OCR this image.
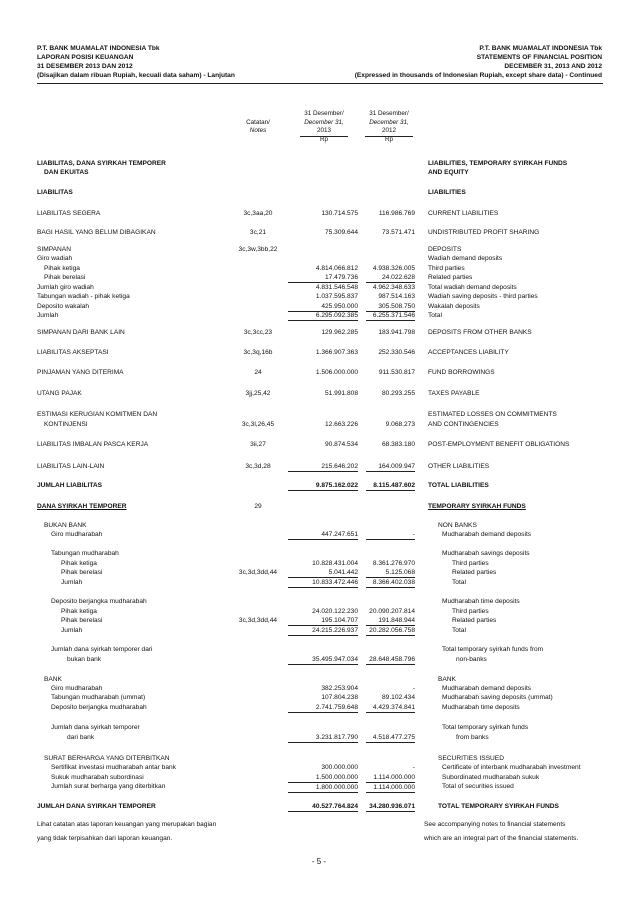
P.T. BANK MUAMALAT INDONESIA Tbk
LAPORAN POSISI KEUANGAN
31 DESEMBER 2013 DAN 2012
(Disajikan dalam ribuan Rupiah, kecuali data saham) - Lanjutan
P.T. BANK MUAMALAT INDONESIA Tbk
STATEMENTS OF FINANCIAL POSITION
DECEMBER 31, 2013 AND 2012
(Expressed in thousands of Indonesian Rupiah, except share data) - Continued
Catatan/
Notes
31 Desember/
December 31,
2013
Rp
31 Desember/
December 31,
2012
Rp
LIABILITAS, DANA SYIRKAH TEMPORER	LIABILITIES, TEMPORARY SYIRKAH FUNDS
DAN EKUITAS	AND EQUITY
LIABILITAS	LIABILITIES
LIABILITAS SEGERA	3c,3aa,20	130.714.575	116.986.769 CURRENT LIABILITIES
BAGI HASIL YANG BELUM DIBAGIKAN	3c,21	75.309.644	73.571.471 UNDISTRIBUTED PROFIT SHARING
SIMPANAN	3c,3w,3bb,22	DEPOSITS
Giro wadiah	Wadiah demand deposits
Pihak ketiga	4.814.066.812	4.938.326.005 Third parties
Pihak berelasi	17.479.736	24.022.628 Related parties
Jumlah giro wadiah	4.831.546.548	4.962.348.633 Total wadiah demand deposits
Tabungan wadiah - pihak ketiga	1.037.595.837	987.514.163 Wadiah saving deposits - third parties
Deposito wakalah	425.950.000	305.508.750 Wakalah deposits
Jumlah	6.295.092.385	6.255.371.546 Total
SIMPANAN DARI BANK LAIN	3c,3cc,23	129.962.285	183.941.798 DEPOSITS FROM OTHER BANKS
LIABILITAS AKSEPTASI	3c,3q,16b	1.366.907.363	252.330.546 ACCEPTANCES LIABILITY
PINJAMAN YANG DITERIMA	24	1.506.000.000	911.530.817 FUND BORROWINGS
UTANG PAJAK	3jj,25,42	51.991.808	80.293.255 TAXES PAYABLE
ESTIMASI KERUGIAN KOMITMEN DAN	ESTIMATED LOSSES ON COMMITMENTS
KONTINJENSI	3c,3l,26,45	12.663.226	9.068.273 AND CONTINGENCIES
LIABILITAS IMBALAN PASCA KERJA	3ii,27	90.874.534	68.383.180 POST-EMPLOYMENT BENEFIT OBLIGATIONS
LIABILITAS LAIN-LAIN	3c,3d,28	215.646.202	164.009.947 OTHER LIABILITIES
JUMLAH LIABILITAS	9.875.162.022	8.115.487.602 TOTAL LIABILITIES
DANA SYIRKAH TEMPORER	29	TEMPORARY SYIRKAH FUNDS
BUKAN BANK	NON BANKS
Giro mudharabah	447.247.651	-	Mudharabah demand deposits
Tabungan mudharabah	Mudharabah savings deposits
Pihak ketiga	10.828.431.004	8.361.276.970	Third parties
Pihak berelasi	3c,3d,3dd,44	5.041.442	5.125.068	Related parties
Jumlah	10.833.472.446	8.366.402.038	Total
Deposito berjangka mudharabah	Mudharabah time deposits
Pihak ketiga	24.020.122.230	20.090.207.814	Third parties
Pihak berelasi	3c,3d,3dd,44	195.104.707	191.848.944	Related parties
Jumlah	24.215.226.937	20.282.056.758	Total
Jumlah dana syirkah temporer dari	Total temporary syirkah funds from
bukan bank	35.495.947.034	28.648.458.796	non-banks
BANK	BANK
Giro mudharabah	382.253.904	-	Mudharabah demand deposits
Tabungan mudharabah (ummat)	107.804.238	89.102.434	Mudharabah saving deposits (ummat)
Deposito berjangka mudharabah	2.741.759.648	4.429.374.841	Mudharabah time deposits
Jumlah dana syirkah temporer	Total temporary syirkah funds
dari bank	3.231.817.790	4.518.477.275	from banks
SURAT BERHARGA YANG DITERBITKAN	SECURITIES ISSUED
Sertifikat investasi mudharabah antar bank	300.000.000	-	Certificate of interbank mudharabah investment
Sukuk mudharabah subordinasi	1.500.000.000	1.114.000.000	Subordinated mudharabah sukuk
Jumlah surat berharga yang diterbitkan	1.800.000.000	1.114.000.000	Total of securities issued
JUMLAH DANA SYIRKAH TEMPORER	40.527.764.824	34.280.936.071	TOTAL TEMPORARY SYIRKAH FUNDS
Lihat catatan atas laporan keuangan yang merupakan bagian
yang tidak terpisahkan dari laporan keuangan.
See accompanying notes to financial statements
which are an integral part of the financial statements.
- 5 -
